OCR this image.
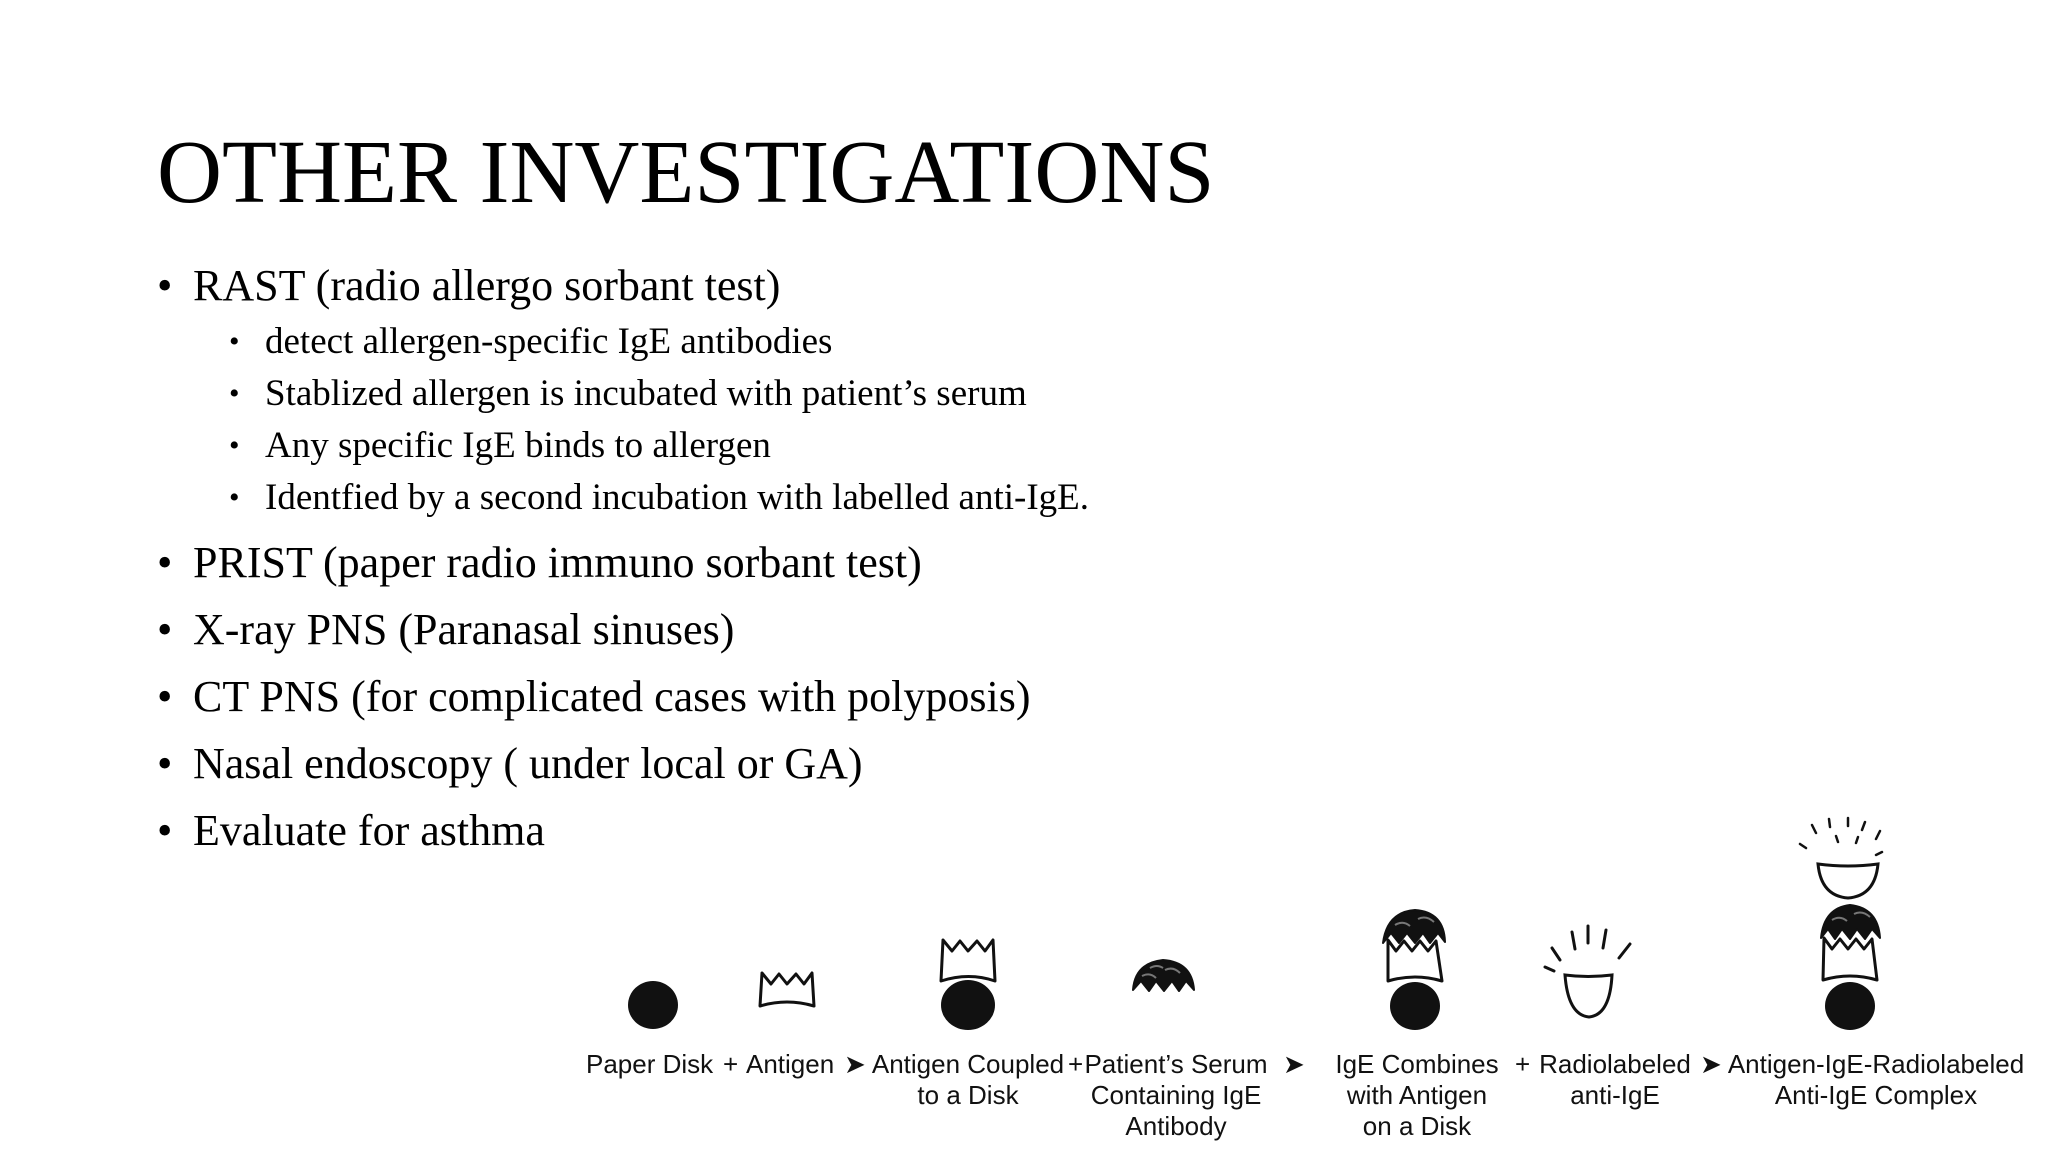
OTHER INVESTIGATIONS
• RAST (radio allergo sorbant test)
• detect allergen-specific IgE antibodies
• Stablized allergen is incubated with patient’s serum
• Any specific IgE binds to allergen
• Identfied by a second incubation with labelled anti-IgE.
• PRIST (paper radio immuno sorbant test)
• X-ray PNS (Paranasal sinuses)
• CT PNS (for complicated cases with polyposis)
• Nasal endoscopy ( under local or GA)
• Evaluate for asthma
Paper Disk + Antigen ➤ Antigen Coupled
to a Disk
+ Patient’s Serum
Containing IgE
Antibody
➤ IgE Combines
with Antigen
on a Disk
+ Radiolabeled
anti-IgE
➤ Antigen-IgE-Radiolabeled
Anti-IgE Complex
